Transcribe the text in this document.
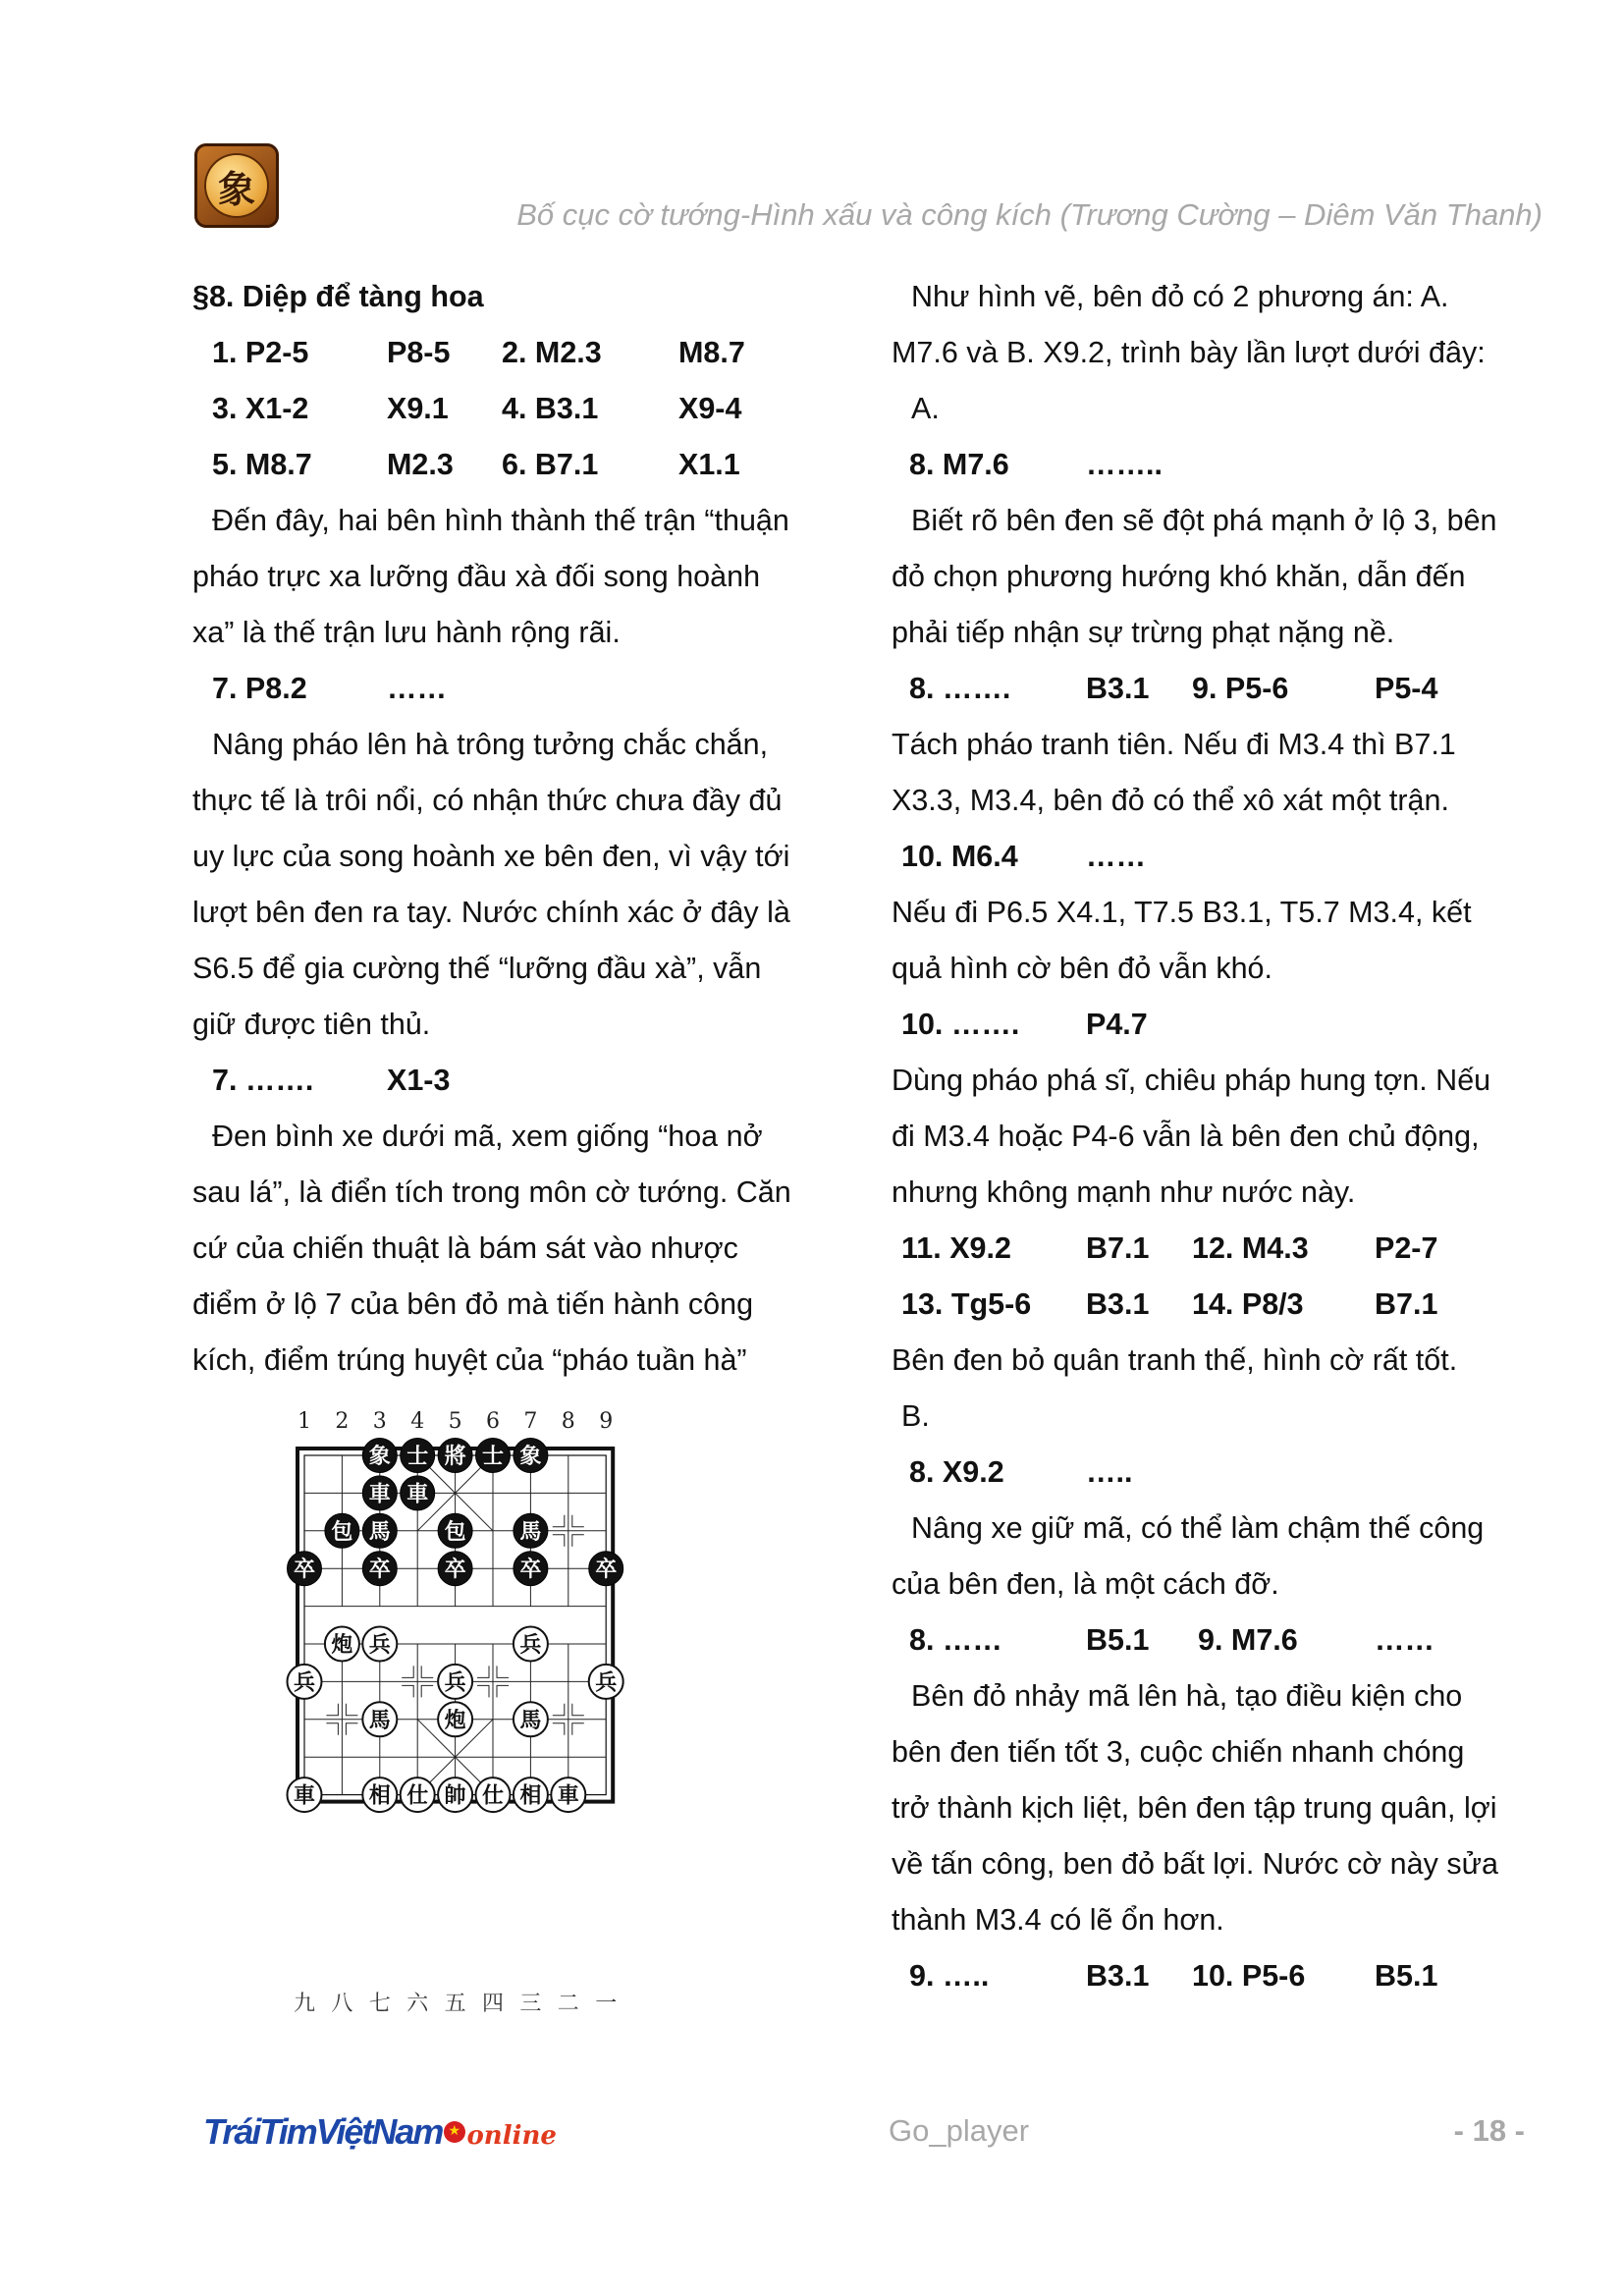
象
Bố cục cờ tướng-Hình xấu và công kích (Trương Cường – Diêm Văn Thanh)

§8. Diệp để tàng hoa

1. P2-5	P8-5	2. M2.3	M8.7
3. X1-2	X9.1	4. B3.1	X9-4
5. M8.7	M2.3	6. B7.1	X1.1

Đến đây, hai bên hình thành thế trận “thuận

pháo trực xa lưỡng đầu xà đối song hoành

xa” là thế trận lưu hành rộng rãi.

7. P8.2	……

Nâng pháo lên hà trông tưởng chắc chắn,

thực tế là trôi nổi, có nhận thức chưa đầy đủ

uy lực của song hoành xe bên đen, vì vậy tới

lượt bên đen ra tay. Nước chính xác ở đây là

S6.5 để gia cường thế “lưỡng đầu xà”, vẫn

giữ được tiên thủ.

7. …….	X1-3

Đen bình xe dưới mã, xem giống “hoa nở

sau lá”, là điển tích trong môn cờ tướng. Căn

cứ của chiến thuật là bám sát vào nhược

điểm ở lộ 7 của bên đỏ mà tiến hành công

kích, điểm trúng huyệt của “pháo tuần hà”

1 2 3 4 5 6 7 8 9
九 八 七 六 五 四 三 二 一
象 士 將 士 象
車 車
包 馬 包 馬
卒 卒 卒 卒 卒
炮 兵	兵
兵	兵	兵
馬 炮 馬
車 相 仕 帥 仕 相 車

Như hình vẽ, bên đỏ có 2 phương án: A.

M7.6 và B. X9.2, trình bày lần lượt dưới đây:

A.

8. M7.6	……..

Biết rõ bên đen sẽ đột phá mạnh ở lộ 3, bên

đỏ chọn phương hướng khó khăn, dẫn đến

phải tiếp nhận sự trừng phạt nặng nề.

8. …….	B3.1	9. P5-6	P5-4

Tách pháo tranh tiên. Nếu đi M3.4 thì B7.1

X3.3, M3.4, bên đỏ có thể xô xát một trận.

10. M6.4	……

Nếu đi P6.5 X4.1, T7.5 B3.1, T5.7 M3.4, kết

quả hình cờ bên đỏ vẫn khó.

10. …….	P4.7

Dùng pháo phá sĩ, chiêu pháp hung tợn. Nếu

đi M3.4 hoặc P4-6 vẫn là bên đen chủ động,

nhưng không mạnh như nước này.

11. X9.2	B7.1	12. M4.3	P2-7
13. Tg5-6	B3.1	14. P8/3	B7.1

Bên đen bỏ quân tranh thế, hình cờ rất tốt.

B.

8. X9.2	…..

Nâng xe giữ mã, có thể làm chậm thế công

của bên đen, là một cách đỡ.

8. ……	B5.1	9. M7.6	……

Bên đỏ nhảy mã lên hà, tạo điều kiện cho

bên đen tiến tốt 3, cuộc chiến nhanh chóng

trở thành kịch liệt, bên đen tập trung quân, lợi

về tấn công, ben đỏ bất lợi. Nước cờ này sửa

thành M3.4 có lẽ ổn hơn.

9. …..	B3.1	10. P5-6	B5.1
TráiTimViệtNam★ online	Go_player	- 18 -
